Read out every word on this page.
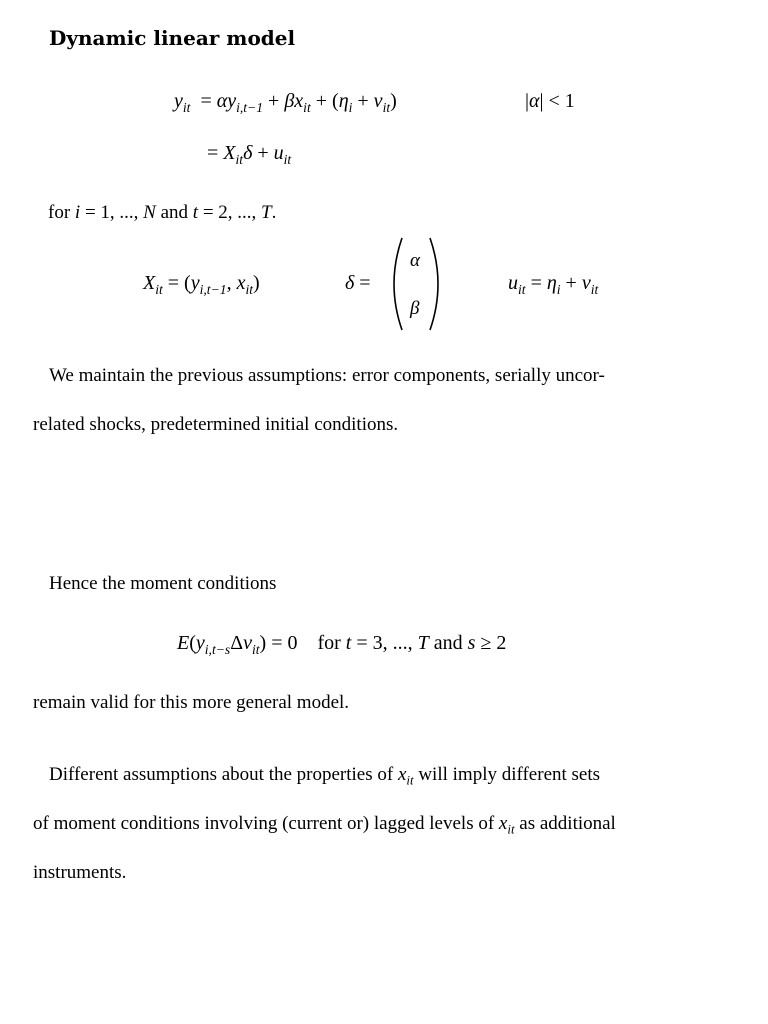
Dynamic linear model
$y_{it} = \alpha y_{i,t-1} + \beta x_{it} + (\eta_i + v_{it})$	|α| < 1
= $X_{it}\delta + u_{it}$
for i = 1, ..., N and t = 2, ..., T.
$X_{it} = (y_{i,t-1}$, $x_{it}$)	δ =
α
β
$u_{it} = \eta_i + v_{it}$
We maintain the previous assumptions: error components, serially uncor-
related shocks, predetermined initial conditions.
Hence the moment conditions
$E(y_{i,t-s}\Delta v_{it}) = 0$    for t = 3, ..., T and s ≥ 2
remain valid for this more general model.
Different assumptions about the properties of $x_{it}$ will imply different sets
of moment conditions involving (current or) lagged levels of $x_{it}$ as additional
instruments.
